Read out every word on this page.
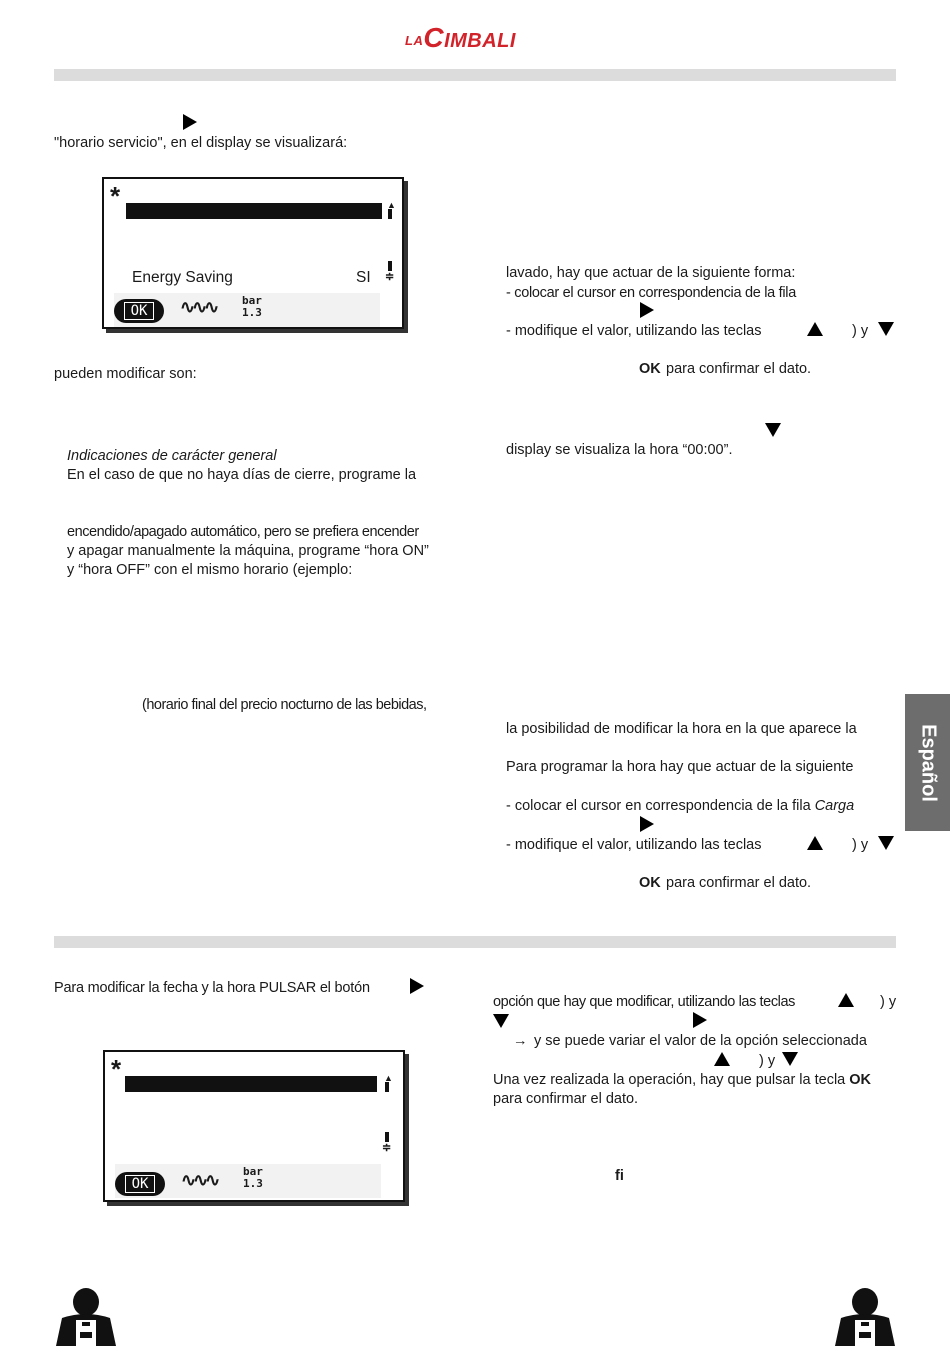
LACIMBALI
"horario servicio", en el display se visualizará:
*	▲
≑
Energy Saving	SI
OK	∿∿∿ bar
1.3
pueden modificar son:
Indicaciones de carácter general
En el caso de que no haya días de cierre, programe la
encendido/apagado automático, pero se prefiera encender
y apagar manualmente la máquina, programe “hora ON”
y “hora OFF” con el mismo horario (ejemplo:
(horario final del precio nocturno de las bebidas,
lavado, hay que actuar de la siguiente forma:
- colocar el cursor en correspondencia de la fila
- modifique el valor, utilizando las teclas	) y
OK para confirmar el dato.
display se visualiza la hora “00:00”.
la posibilidad de modificar la hora en la que aparece la
Para programar la hora hay que actuar de la siguiente
- colocar el cursor en correspondencia de la fila Carga
- modifique el valor, utilizando las teclas	) y
OK para confirmar el dato.
Para modificar la fecha y la hora PULSAR el botón
*	▲
≑
OK	∿∿∿ bar
1.3
opción que hay que modificar, utilizando las teclas	) y
→ y se puede variar el valor de la opción seleccionada
) y
Una vez realizada la operación, hay que pulsar la tecla OK
para confirmar el dato.
fi
Español
